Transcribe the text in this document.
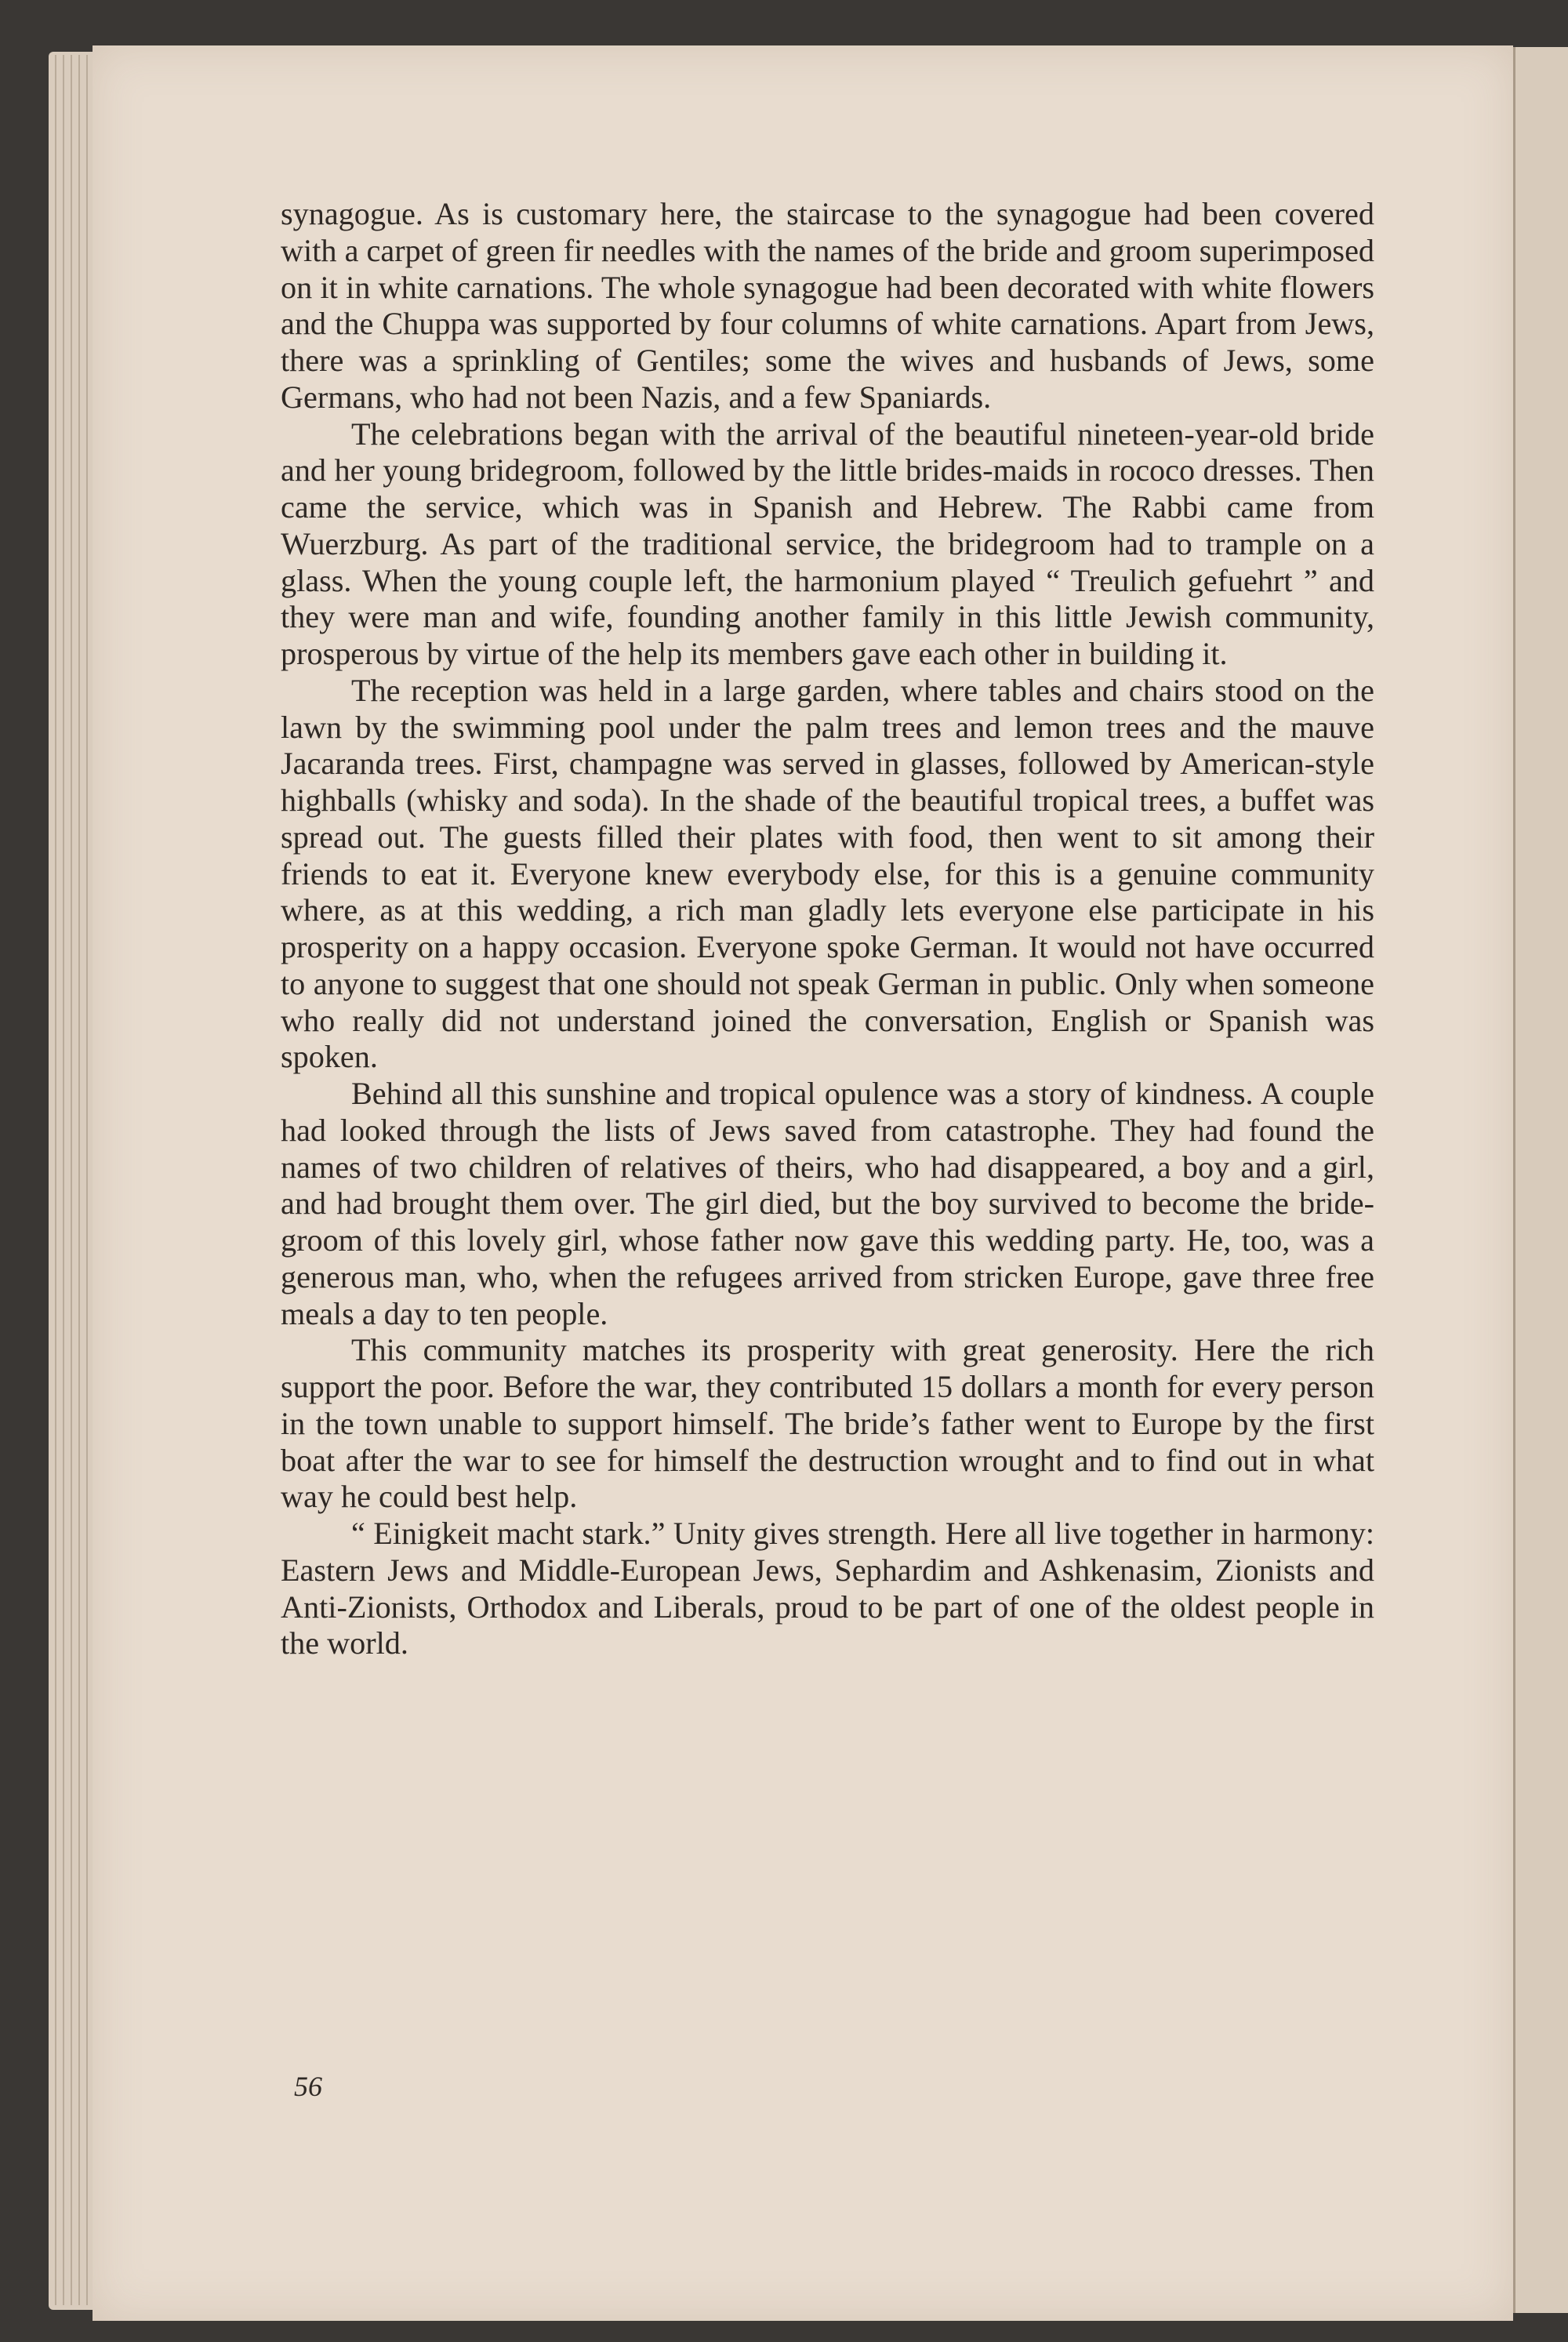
synagogue. As is customary here, the staircase to the synagogue had been covered with a carpet of green fir needles with the names of the bride and groom superimposed on it in white carnations. The whole synagogue had been decorated with white flowers and the Chuppa was supported by four columns of white carnations. Apart from Jews, there was a sprinkling of Gentiles; some the wives and husbands of Jews, some Germans, who had not been Nazis, and a few Spaniards.

The celebrations began with the arrival of the beautiful nineteen-year-old bride and her young bridegroom, followed by the little brides-maids in rococo dresses. Then came the service, which was in Spanish and Hebrew. The Rabbi came from Wuerzburg. As part of the traditional service, the bridegroom had to trample on a glass. When the young couple left, the harmonium played “ Treulich gefuehrt ” and they were man and wife, founding another family in this little Jewish community, prosperous by virtue of the help its members gave each other in building it.

The reception was held in a large garden, where tables and chairs stood on the lawn by the swimming pool under the palm trees and lemon trees and the mauve Jacaranda trees. First, champagne was served in glasses, followed by American-style highballs (whisky and soda). In the shade of the beautiful tropical trees, a buffet was spread out. The guests filled their plates with food, then went to sit among their friends to eat it. Everyone knew everybody else, for this is a genuine community where, as at this wedding, a rich man gladly lets everyone else participate in his prosperity on a happy occasion. Everyone spoke German. It would not have occurred to anyone to suggest that one should not speak German in public. Only when someone who really did not understand joined the conversation, English or Spanish was spoken.

Behind all this sunshine and tropical opulence was a story of kindness. A couple had looked through the lists of Jews saved from catastrophe. They had found the names of two children of relatives of theirs, who had disappeared, a boy and a girl, and had brought them over. The girl died, but the boy survived to become the bride-groom of this lovely girl, whose father now gave this wedding party. He, too, was a generous man, who, when the refugees arrived from stricken Europe, gave three free meals a day to ten people.

This community matches its prosperity with great generosity. Here the rich support the poor. Before the war, they contributed 15 dollars a month for every person in the town unable to support himself. The bride’s father went to Europe by the first boat after the war to see for himself the destruction wrought and to find out in what way he could best help.

“ Einigkeit macht stark.” Unity gives strength. Here all live together in harmony: Eastern Jews and Middle-European Jews, Sephardim and Ashkenasim, Zionists and Anti-Zionists, Orthodox and Liberals, proud to be part of one of the oldest people in the world.

56
